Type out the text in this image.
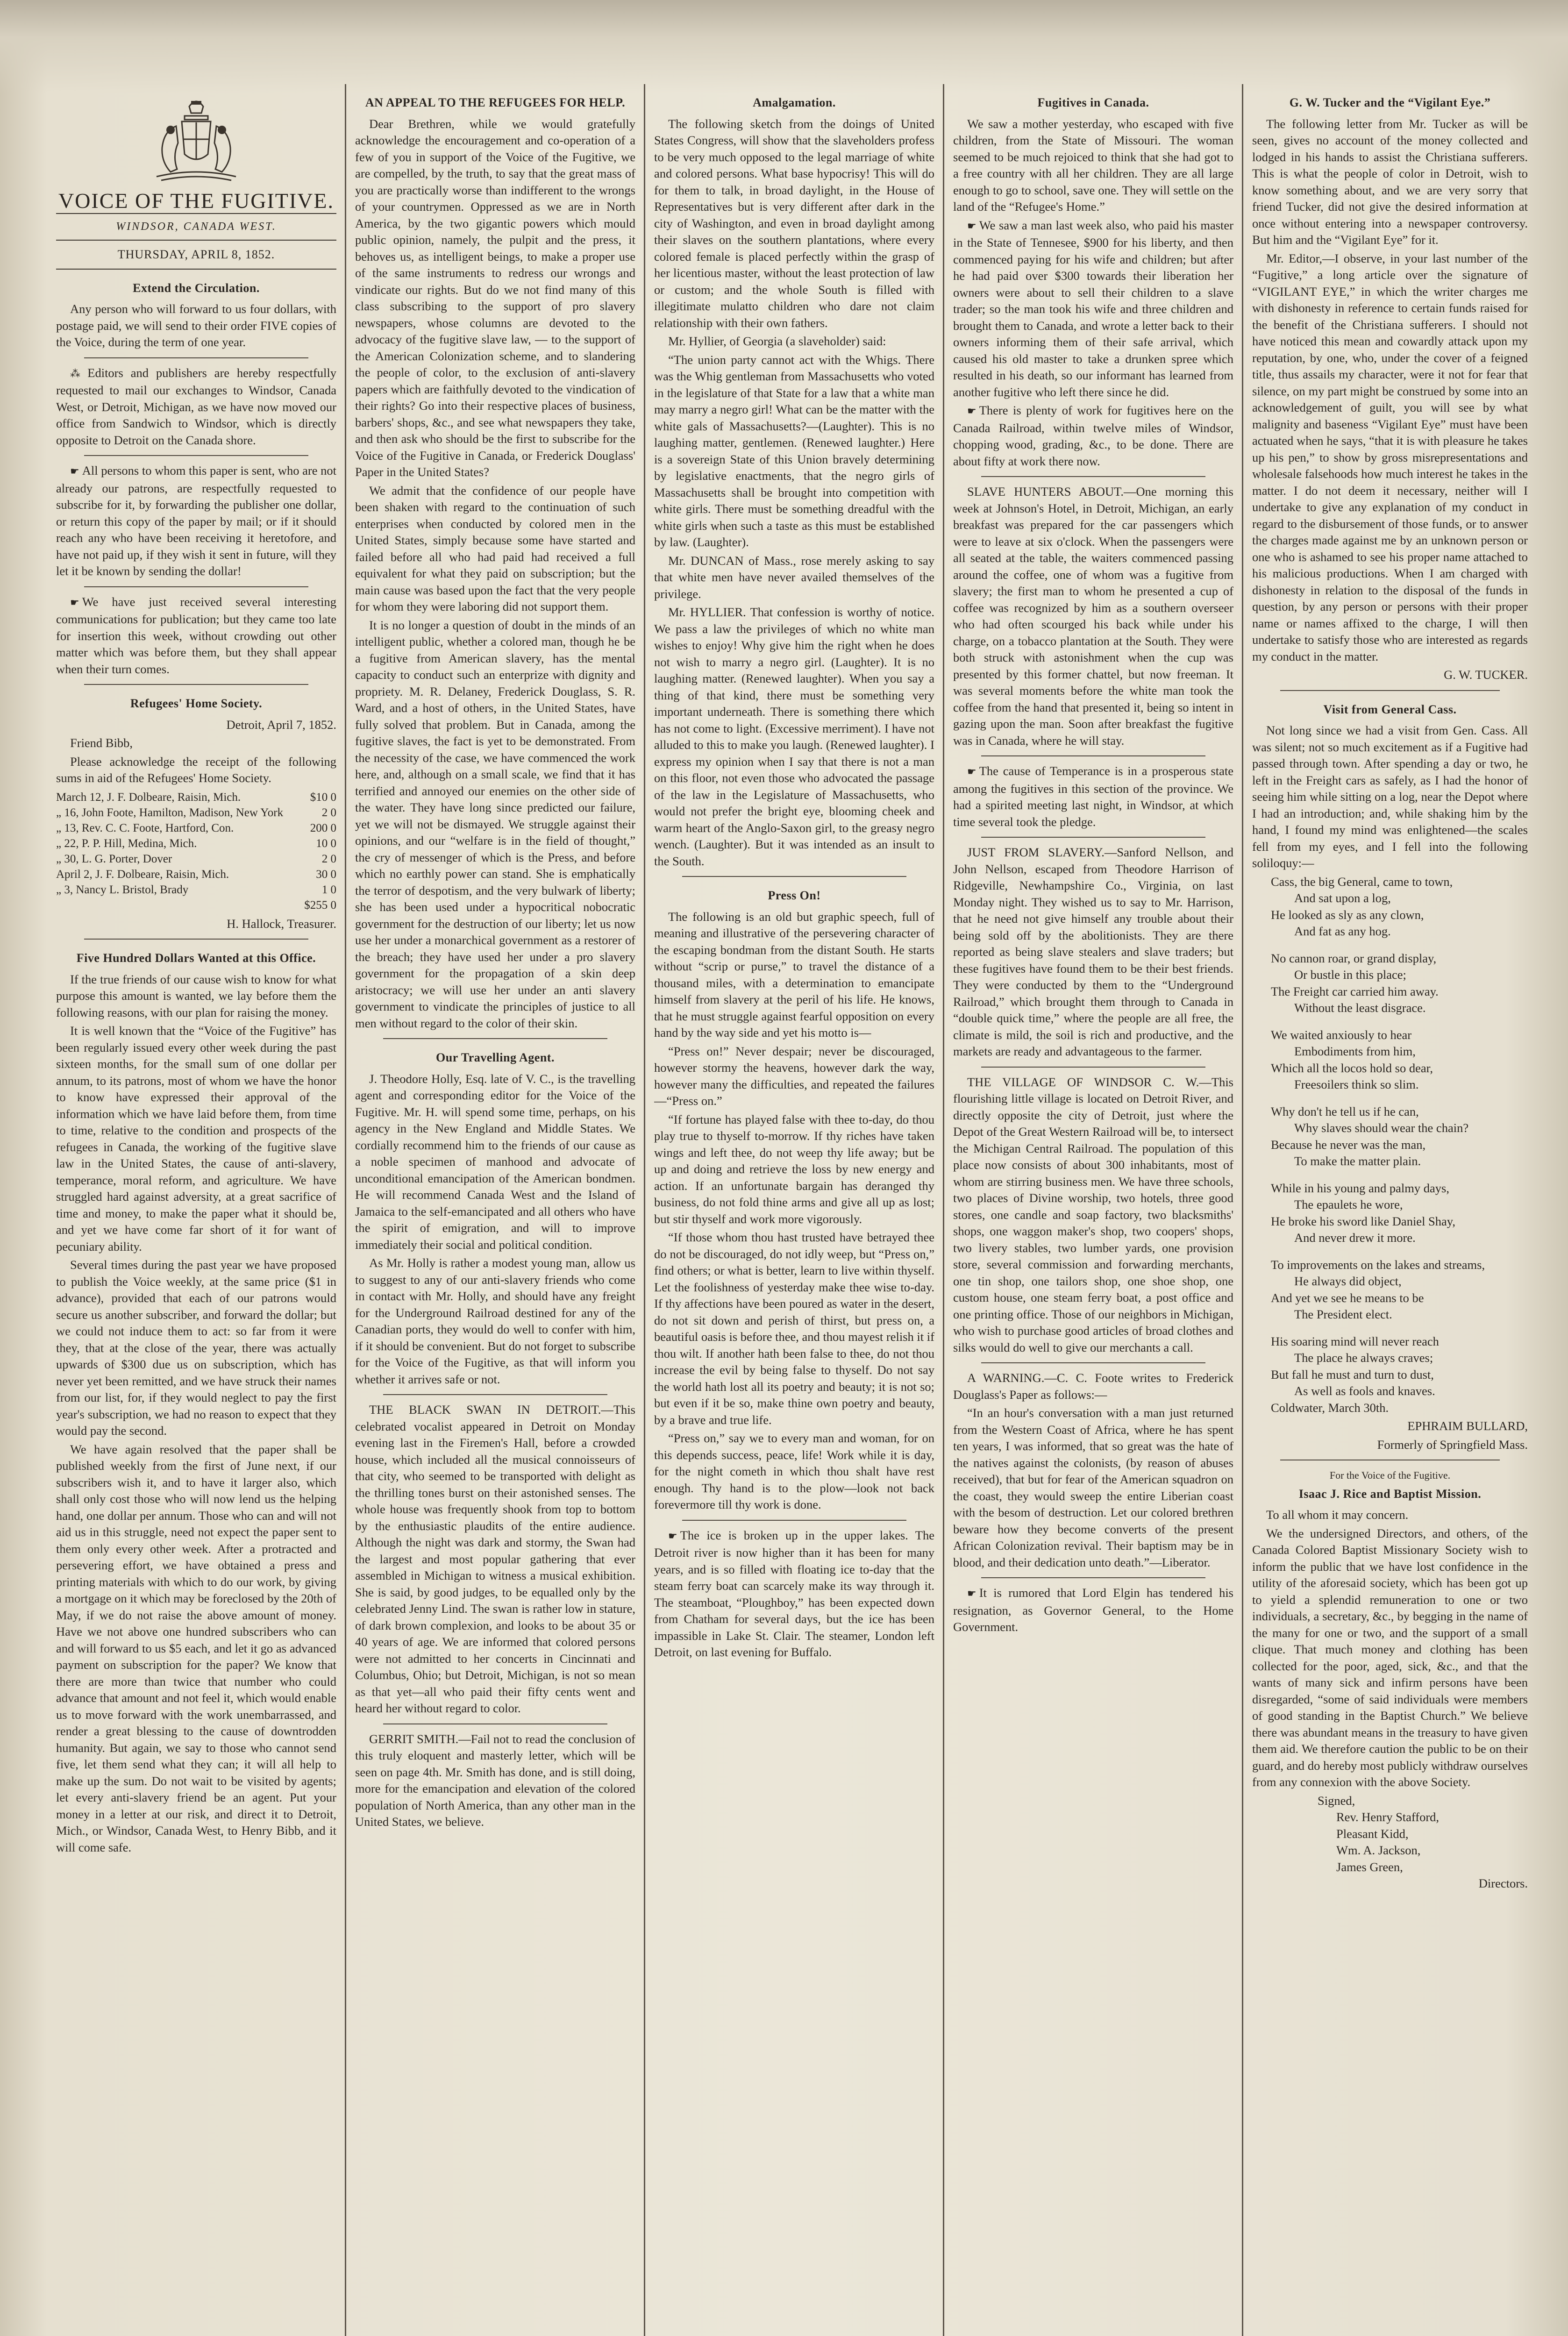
VOICE OF THE FUGITIVE.
WINDSOR, CANADA WEST.
THURSDAY, APRIL 8, 1852.
Extend the Circulation.

Any person who will forward to us four dollars, with postage paid, we will send to their order FIVE copies of the Voice, during the term of one year.

⁂ Editors and publishers are hereby respectfully requested to mail our exchanges to Windsor, Canada West, or Detroit, Michigan, as we have now moved our office from Sandwich to Windsor, which is directly opposite to Detroit on the Canada shore.

☛ All persons to whom this paper is sent, who are not already our patrons, are respectfully requested to subscribe for it, by forwarding the publisher one dollar, or return this copy of the paper by mail; or if it should reach any who have been receiving it heretofore, and have not paid up, if they wish it sent in future, will they let it be known by sending the dollar!

☛ We have just received several interesting communications for publication; but they came too late for insertion this week, without crowding out other matter which was before them, but they shall appear when their turn comes.

Refugees' Home Society.

Detroit, April 7, 1852.

Friend Bibb,

Please acknowledge the receipt of the following sums in aid of the Refugees' Home Society.

March 12, J. F. Dolbeare, Raisin, Mich.	$10 0
„ 16, John Foote, Hamilton, Madison, New York	2 0
„ 13, Rev. C. C. Foote, Hartford, Con.	200 0
„ 22, P. P. Hill, Medina, Mich.	10 0
„ 30, L. G. Porter, Dover	2 0
April 2, J. F. Dolbeare, Raisin, Mich.	30 0
„ 3, Nancy L. Bristol, Brady	1 0
$255 0

H. Hallock, Treasurer.

Five Hundred Dollars Wanted at this Office.

If the true friends of our cause wish to know for what purpose this amount is wanted, we lay before them the following reasons, with our plan for raising the money.

It is well known that the “Voice of the Fugitive” has been regularly issued every other week during the past sixteen months, for the small sum of one dollar per annum, to its patrons, most of whom we have the honor to know have expressed their approval of the information which we have laid before them, from time to time, relative to the condition and prospects of the refugees in Canada, the working of the fugitive slave law in the United States, the cause of anti-slavery, temperance, moral reform, and agriculture. We have struggled hard against adversity, at a great sacrifice of time and money, to make the paper what it should be, and yet we have come far short of it for want of pecuniary ability.

Several times during the past year we have proposed to publish the Voice weekly, at the same price ($1 in advance), provided that each of our patrons would secure us another subscriber, and forward the dollar; but we could not induce them to act: so far from it were they, that at the close of the year, there was actually upwards of $300 due us on subscription, which has never yet been remitted, and we have struck their names from our list, for, if they would neglect to pay the first year's subscription, we had no reason to expect that they would pay the second.

We have again resolved that the paper shall be published weekly from the first of June next, if our subscribers wish it, and to have it larger also, which shall only cost those who will now lend us the helping hand, one dollar per annum. Those who can and will not aid us in this struggle, need not expect the paper sent to them only every other week. After a protracted and persevering effort, we have obtained a press and printing materials with which to do our work, by giving a mortgage on it which may be foreclosed by the 20th of May, if we do not raise the above amount of money. Have we not above one hundred subscribers who can and will forward to us $5 each, and let it go as advanced payment on subscription for the paper? We know that there are more than twice that number who could advance that amount and not feel it, which would enable us to move forward with the work unembarrassed, and render a great blessing to the cause of downtrodden humanity. But again, we say to those who cannot send five, let them send what they can; it will all help to make up the sum. Do not wait to be visited by agents; let every anti-slavery friend be an agent. Put your money in a letter at our risk, and direct it to Detroit, Mich., or Windsor, Canada West, to Henry Bibb, and it will come safe.

AN APPEAL TO THE REFUGEES FOR HELP.

Dear Brethren, while we would gratefully acknowledge the encouragement and co-operation of a few of you in support of the Voice of the Fugitive, we are compelled, by the truth, to say that the great mass of you are practically worse than indifferent to the wrongs of your countrymen. Oppressed as we are in North America, by the two gigantic powers which mould public opinion, namely, the pulpit and the press, it behoves us, as intelligent beings, to make a proper use of the same instruments to redress our wrongs and vindicate our rights. But do we not find many of this class subscribing to the support of pro slavery newspapers, whose columns are devoted to the advocacy of the fugitive slave law, — to the support of the American Colonization scheme, and to slandering the people of color, to the exclusion of anti-slavery papers which are faithfully devoted to the vindication of their rights? Go into their respective places of business, barbers' shops, &c., and see what newspapers they take, and then ask who should be the first to subscribe for the Voice of the Fugitive in Canada, or Frederick Douglass' Paper in the United States?

We admit that the confidence of our people have been shaken with regard to the continuation of such enterprises when conducted by colored men in the United States, simply because some have started and failed before all who had paid had received a full equivalent for what they paid on subscription; but the main cause was based upon the fact that the very people for whom they were laboring did not support them.

It is no longer a question of doubt in the minds of an intelligent public, whether a colored man, though he be a fugitive from American slavery, has the mental capacity to conduct such an enterprize with dignity and propriety. M. R. Delaney, Frederick Douglass, S. R. Ward, and a host of others, in the United States, have fully solved that problem. But in Canada, among the fugitive slaves, the fact is yet to be demonstrated. From the necessity of the case, we have commenced the work here, and, although on a small scale, we find that it has terrified and annoyed our enemies on the other side of the water. They have long since predicted our failure, yet we will not be dismayed. We struggle against their opinions, and our “welfare is in the field of thought,” the cry of messenger of which is the Press, and before which no earthly power can stand. She is emphatically the terror of despotism, and the very bulwark of liberty; she has been used under a hypocritical nobocratic government for the destruction of our liberty; let us now use her under a monarchical government as a restorer of the breach; they have used her under a pro slavery government for the propagation of a skin deep aristocracy; we will use her under an anti slavery government to vindicate the principles of justice to all men without regard to the color of their skin.

Our Travelling Agent.

J. Theodore Holly, Esq. late of V. C., is the travelling agent and corresponding editor for the Voice of the Fugitive. Mr. H. will spend some time, perhaps, on his agency in the New England and Middle States. We cordially recommend him to the friends of our cause as a noble specimen of manhood and advocate of unconditional emancipation of the American bondmen. He will recommend Canada West and the Island of Jamaica to the self-emancipated and all others who have the spirit of emigration, and will to improve immediately their social and political condition.

As Mr. Holly is rather a modest young man, allow us to suggest to any of our anti-slavery friends who come in contact with Mr. Holly, and should have any freight for the Underground Railroad destined for any of the Canadian ports, they would do well to confer with him, if it should be convenient. But do not forget to subscribe for the Voice of the Fugitive, as that will inform you whether it arrives safe or not.

THE BLACK SWAN IN DETROIT.—This celebrated vocalist appeared in Detroit on Monday evening last in the Firemen's Hall, before a crowded house, which included all the musical connoisseurs of that city, who seemed to be transported with delight as the thrilling tones burst on their astonished senses. The whole house was frequently shook from top to bottom by the enthusiastic plaudits of the entire audience. Although the night was dark and stormy, the Swan had the largest and most popular gathering that ever assembled in Michigan to witness a musical exhibition. She is said, by good judges, to be equalled only by the celebrated Jenny Lind. The swan is rather low in stature, of dark brown complexion, and looks to be about 35 or 40 years of age. We are informed that colored persons were not admitted to her concerts in Cincinnati and Columbus, Ohio; but Detroit, Michigan, is not so mean as that yet—all who paid their fifty cents went and heard her without regard to color.

GERRIT SMITH.—Fail not to read the conclusion of this truly eloquent and masterly letter, which will be seen on page 4th. Mr. Smith has done, and is still doing, more for the emancipation and elevation of the colored population of North America, than any other man in the United States, we believe.

Amalgamation.

The following sketch from the doings of United States Congress, will show that the slaveholders profess to be very much opposed to the legal marriage of white and colored persons. What base hypocrisy! This will do for them to talk, in broad daylight, in the House of Representatives but is very different after dark in the city of Washington, and even in broad daylight among their slaves on the southern plantations, where every colored female is placed perfectly within the grasp of her licentious master, without the least protection of law or custom; and the whole South is filled with illegitimate mulatto children who dare not claim relationship with their own fathers.

Mr. Hyllier, of Georgia (a slaveholder) said:

“The union party cannot act with the Whigs. There was the Whig gentleman from Massachusetts who voted in the legislature of that State for a law that a white man may marry a negro girl! What can be the matter with the white gals of Massachusetts?—(Laughter). This is no laughing matter, gentlemen. (Renewed laughter.) Here is a sovereign State of this Union bravely determining by legislative enactments, that the negro girls of Massachusetts shall be brought into competition with white girls. There must be something dreadful with the white girls when such a taste as this must be established by law. (Laughter).

Mr. DUNCAN of Mass., rose merely asking to say that white men have never availed themselves of the privilege.

Mr. HYLLIER. That confession is worthy of notice. We pass a law the privileges of which no white man wishes to enjoy! Why give him the right when he does not wish to marry a negro girl. (Laughter). It is no laughing matter. (Renewed laughter). When you say a thing of that kind, there must be something very important underneath. There is something there which has not come to light. (Excessive merriment). I have not alluded to this to make you laugh. (Renewed laughter). I express my opinion when I say that there is not a man on this floor, not even those who advocated the passage of the law in the Legislature of Massachusetts, who would not prefer the bright eye, blooming cheek and warm heart of the Anglo-Saxon girl, to the greasy negro wench. (Laughter). But it was intended as an insult to the South.

Press On!

The following is an old but graphic speech, full of meaning and illustrative of the persevering character of the escaping bondman from the distant South. He starts without “scrip or purse,” to travel the distance of a thousand miles, with a determination to emancipate himself from slavery at the peril of his life. He knows, that he must struggle against fearful opposition on every hand by the way side and yet his motto is—

“Press on!” Never despair; never be discouraged, however stormy the heavens, however dark the way, however many the difficulties, and repeated the failures—“Press on.”

“If fortune has played false with thee to-day, do thou play true to thyself to-morrow. If thy riches have taken wings and left thee, do not weep thy life away; but be up and doing and retrieve the loss by new energy and action. If an unfortunate bargain has deranged thy business, do not fold thine arms and give all up as lost; but stir thyself and work more vigorously.

“If those whom thou hast trusted have betrayed thee do not be discouraged, do not idly weep, but “Press on,” find others; or what is better, learn to live within thyself. Let the foolishness of yesterday make thee wise to-day. If thy affections have been poured as water in the desert, do not sit down and perish of thirst, but press on, a beautiful oasis is before thee, and thou mayest relish it if thou wilt. If another hath been false to thee, do not thou increase the evil by being false to thyself. Do not say the world hath lost all its poetry and beauty; it is not so; but even if it be so, make thine own poetry and beauty, by a brave and true life.

“Press on,” say we to every man and woman, for on this depends success, peace, life! Work while it is day, for the night cometh in which thou shalt have rest enough. Thy hand is to the plow—look not back forevermore till thy work is done.

☛ The ice is broken up in the upper lakes. The Detroit river is now higher than it has been for many years, and is so filled with floating ice to-day that the steam ferry boat can scarcely make its way through it. The steamboat, “Ploughboy,” has been expected down from Chatham for several days, but the ice has been impassible in Lake St. Clair. The steamer, London left Detroit, on last evening for Buffalo.

Fugitives in Canada.

We saw a mother yesterday, who escaped with five children, from the State of Missouri. The woman seemed to be much rejoiced to think that she had got to a free country with all her children. They are all large enough to go to school, save one. They will settle on the land of the “Refugee's Home.”

☛ We saw a man last week also, who paid his master in the State of Tennesee, $900 for his liberty, and then commenced paying for his wife and children; but after he had paid over $300 towards their liberation her owners were about to sell their children to a slave trader; so the man took his wife and three children and brought them to Canada, and wrote a letter back to their owners informing them of their safe arrival, which caused his old master to take a drunken spree which resulted in his death, so our informant has learned from another fugitive who left there since he did.

☛ There is plenty of work for fugitives here on the Canada Railroad, within twelve miles of Windsor, chopping wood, grading, &c., to be done. There are about fifty at work there now.

SLAVE HUNTERS ABOUT.—One morning this week at Johnson's Hotel, in Detroit, Michigan, an early breakfast was prepared for the car passengers which were to leave at six o'clock. When the passengers were all seated at the table, the waiters commenced passing around the coffee, one of whom was a fugitive from slavery; the first man to whom he presented a cup of coffee was recognized by him as a southern overseer who had often scourged his back while under his charge, on a tobacco plantation at the South. They were both struck with astonishment when the cup was presented by this former chattel, but now freeman. It was several moments before the white man took the coffee from the hand that presented it, being so intent in gazing upon the man. Soon after breakfast the fugitive was in Canada, where he will stay.

☛ The cause of Temperance is in a prosperous state among the fugitives in this section of the province. We had a spirited meeting last night, in Windsor, at which time several took the pledge.

JUST FROM SLAVERY.—Sanford Nellson, and John Nellson, escaped from Theodore Harrison of Ridgeville, Newhampshire Co., Virginia, on last Monday night. They wished us to say to Mr. Harrison, that he need not give himself any trouble about their being sold off by the abolitionists. They are there reported as being slave stealers and slave traders; but these fugitives have found them to be their best friends. They were conducted by them to the “Underground Railroad,” which brought them through to Canada in “double quick time,” where the people are all free, the climate is mild, the soil is rich and productive, and the markets are ready and advantageous to the farmer.

THE VILLAGE OF WINDSOR C. W.—This flourishing little village is located on Detroit River, and directly opposite the city of Detroit, just where the Depot of the Great Western Railroad will be, to intersect the Michigan Central Railroad. The population of this place now consists of about 300 inhabitants, most of whom are stirring business men. We have three schools, two places of Divine worship, two hotels, three good stores, one candle and soap factory, two blacksmiths' shops, one waggon maker's shop, two coopers' shops, two livery stables, two lumber yards, one provision store, several commission and forwarding merchants, one tin shop, one tailors shop, one shoe shop, one custom house, one steam ferry boat, a post office and one printing office. Those of our neighbors in Michigan, who wish to purchase good articles of broad clothes and silks would do well to give our merchants a call.

A WARNING.—C. C. Foote writes to Frederick Douglass's Paper as follows:—

“In an hour's conversation with a man just returned from the Western Coast of Africa, where he has spent ten years, I was informed, that so great was the hate of the natives against the colonists, (by reason of abuses received), that but for fear of the American squadron on the coast, they would sweep the entire Liberian coast with the besom of destruction. Let our colored brethren beware how they become converts of the present African Colonization revival. Their baptism may be in blood, and their dedication unto death.”—Liberator.

☛ It is rumored that Lord Elgin has tendered his resignation, as Governor General, to the Home Government.

G. W. Tucker and the “Vigilant Eye.”

The following letter from Mr. Tucker as will be seen, gives no account of the money collected and lodged in his hands to assist the Christiana sufferers. This is what the people of color in Detroit, wish to know something about, and we are very sorry that friend Tucker, did not give the desired information at once without entering into a newspaper controversy. But him and the “Vigilant Eye” for it.

Mr. Editor,—I observe, in your last number of the “Fugitive,” a long article over the signature of “VIGILANT EYE,” in which the writer charges me with dishonesty in reference to certain funds raised for the benefit of the Christiana sufferers. I should not have noticed this mean and cowardly attack upon my reputation, by one, who, under the cover of a feigned title, thus assails my character, were it not for fear that silence, on my part might be construed by some into an acknowledgement of guilt, you will see by what malignity and baseness “Vigilant Eye” must have been actuated when he says, “that it is with pleasure he takes up his pen,” to show by gross misrepresentations and wholesale falsehoods how much interest he takes in the matter. I do not deem it necessary, neither will I undertake to give any explanation of my conduct in regard to the disbursement of those funds, or to answer the charges made against me by an unknown person or one who is ashamed to see his proper name attached to his malicious productions. When I am charged with dishonesty in relation to the disposal of the funds in question, by any person or persons with their proper name or names affixed to the charge, I will then undertake to satisfy those who are interested as regards my conduct in the matter.

G. W. TUCKER.

Visit from General Cass.

Not long since we had a visit from Gen. Cass. All was silent; not so much excitement as if a Fugitive had passed through town. After spending a day or two, he left in the Freight cars as safely, as I had the honor of seeing him while sitting on a log, near the Depot where I had an introduction; and, while shaking him by the hand, I found my mind was enlightened—the scales fell from my eyes, and I fell into the following soliloquy:—

Cass, the big General, came to town,

And sat upon a log,

He looked as sly as any clown,

And fat as any hog.

No cannon roar, or grand display,

Or bustle in this place;

The Freight car carried him away.

Without the least disgrace.

We waited anxiously to hear

Embodiments from him,

Which all the locos hold so dear,

Freesoilers think so slim.

Why don't he tell us if he can,

Why slaves should wear the chain?

Because he never was the man,

To make the matter plain.

While in his young and palmy days,

The epaulets he wore,

He broke his sword like Daniel Shay,

And never drew it more.

To improvements on the lakes and streams,

He always did object,

And yet we see he means to be

The President elect.

His soaring mind will never reach

The place he always craves;

But fall he must and turn to dust,

As well as fools and knaves.

Coldwater, March 30th.

EPHRAIM BULLARD,

Formerly of Springfield Mass.

For the Voice of the Fugitive.

Isaac J. Rice and Baptist Mission.

To all whom it may concern.

We the undersigned Directors, and others, of the Canada Colored Baptist Missionary Society wish to inform the public that we have lost confidence in the utility of the aforesaid society, which has been got up to yield a splendid remuneration to one or two individuals, a secretary, &c., by begging in the name of the many for one or two, and the support of a small clique. That much money and clothing has been collected for the poor, aged, sick, &c., and that the wants of many sick and infirm persons have been disregarded, “some of said individuals were members of good standing in the Baptist Church.” We believe there was abundant means in the treasury to have given them aid. We therefore caution the public to be on their guard, and do hereby most publicly withdraw ourselves from any connexion with the above Society.

Signed,

Rev. Henry Stafford,

Pleasant Kidd,

Wm. A. Jackson,

James Green,

Directors.
